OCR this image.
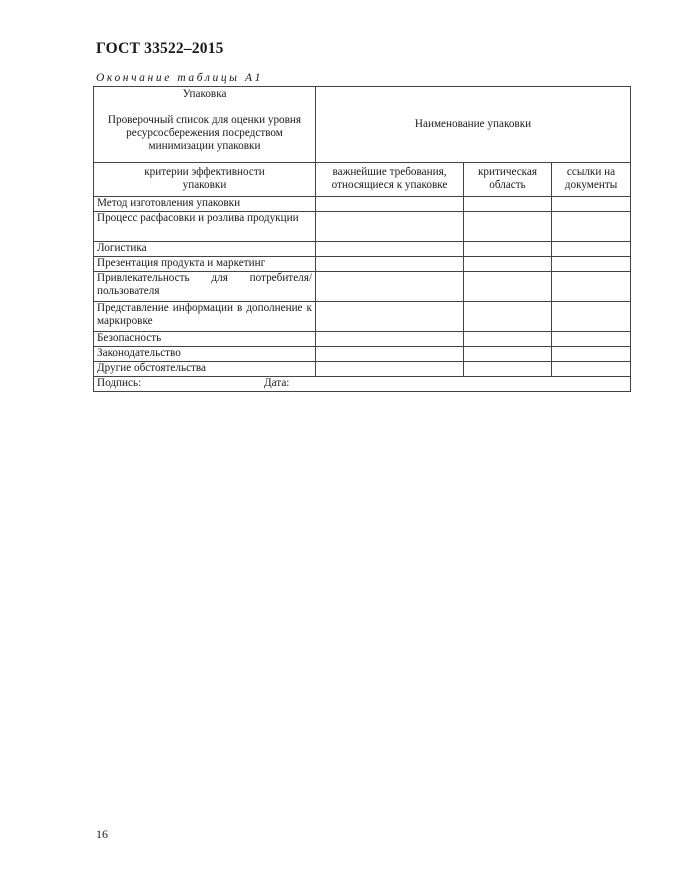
ГОСТ 33522–2015
Окончание таблицы А1
Упаковка
Проверочный список для оценки уровня ресурсосбережения посредством минимизации упаковки	Наименование упаковки		
критерии эффективности упаковки	важнейшие требования, относящиеся к упаковке	критическая область	ссылки на документы
Метод изготовления упаковки			
Процесс расфасовки и розлива продукции			
Логистика			
Презентация продукта и маркетинг			
Привлекательность для потребителя/пользователя			
Представление информации в дополнение к маркировке			
Безопасность			
Законодательство			
Другие обстоятельства			
Подпись: Дата:			
16
